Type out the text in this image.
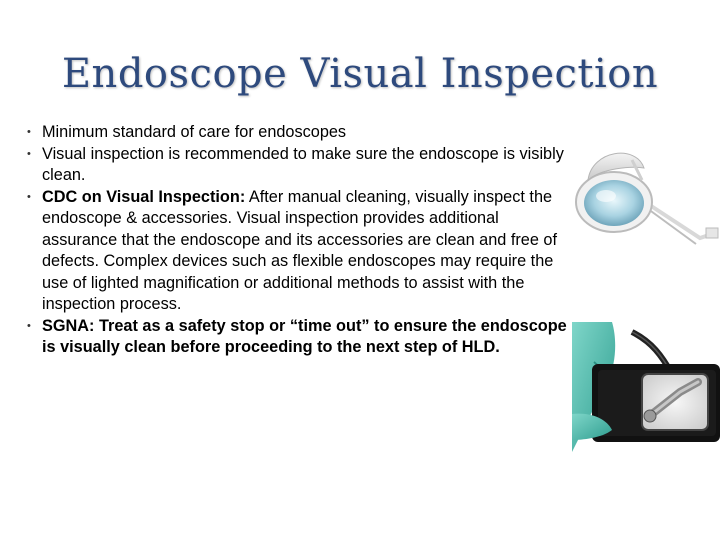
Endoscope Visual Inspection
• Minimum standard of care for endoscopes
• Visual inspection is recommended to make sure the endoscope is visibly clean.
• CDC on Visual Inspection: After manual cleaning, visually inspect the endoscope & accessories. Visual inspection provides additional assurance that the endoscope and its accessories are clean and free of defects. Complex devices such as flexible endoscopes may require the use of lighted magnification or additional methods to assist with the inspection process.
• SGNA: Treat as a safety stop or “time out” to ensure the endoscope is visually clean before proceeding to the next step of HLD.
